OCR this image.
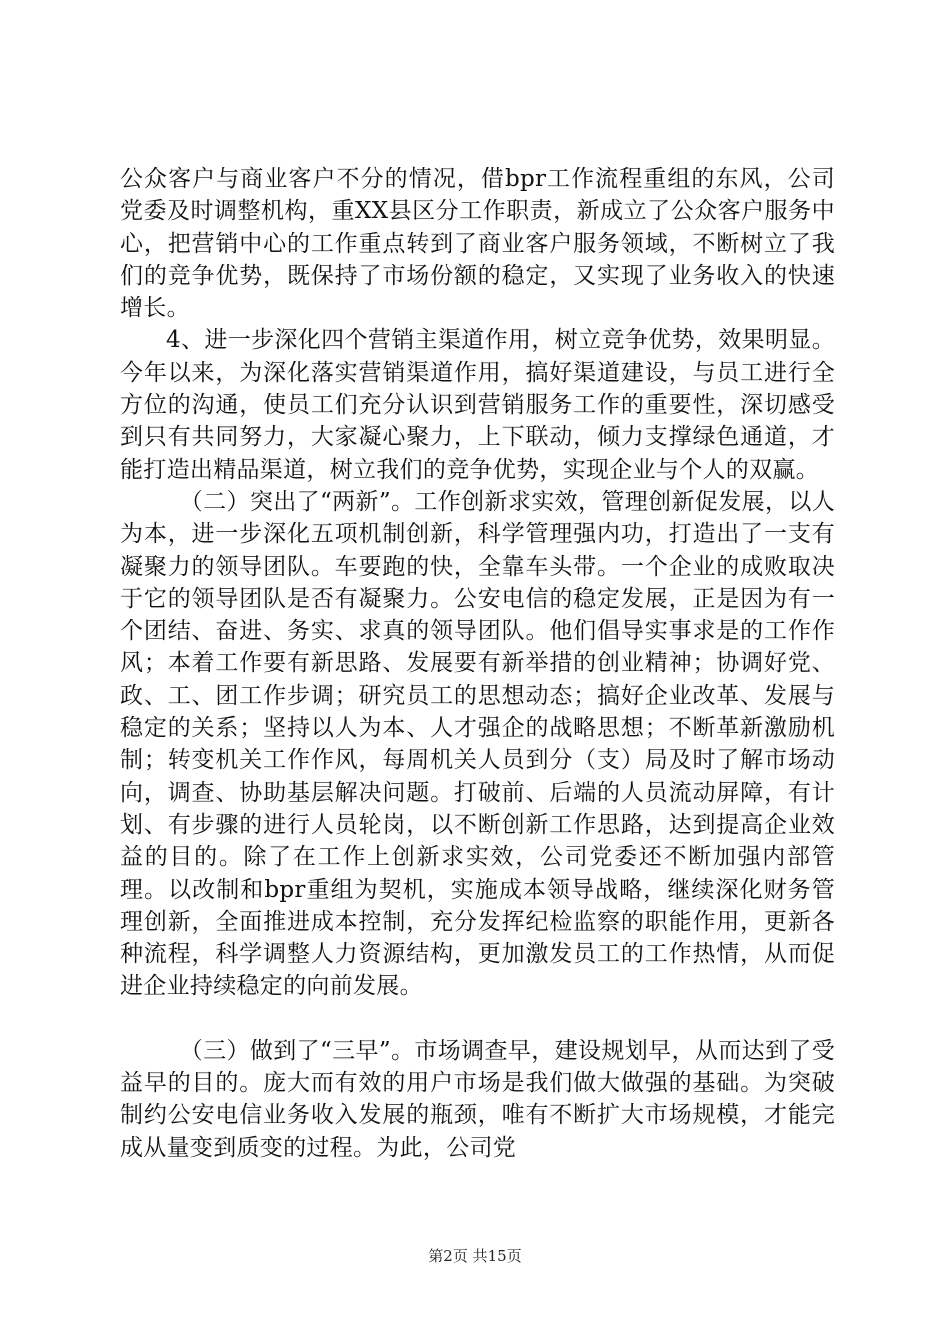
公众客户与商业客户不分的情况，借bpr工作流程重组的东风，公司党委及时调整机构，重XX县区分工作职责，新成立了公众客户服务中心，把营销中心的工作重点转到了商业客户服务领域，不断树立了我们的竞争优势，既保持了市场份额的稳定，又实现了业务收入的快速增长。

4、进一步深化四个营销主渠道作用，树立竞争优势，效果明显。今年以来，为深化落实营销渠道作用，搞好渠道建设，与员工进行全方位的沟通，使员工们充分认识到营销服务工作的重要性，深切感受到只有共同努力，大家凝心聚力，上下联动，倾力支撑绿色通道，才能打造出精品渠道，树立我们的竞争优势，实现企业与个人的双赢。

（二）突出了“两新”。工作创新求实效，管理创新促发展，以人为本，进一步深化五项机制创新，科学管理强内功，打造出了一支有凝聚力的领导团队。车要跑的快，全靠车头带。一个企业的成败取决于它的领导团队是否有凝聚力。公安电信的稳定发展，正是因为有一个团结、奋进、务实、求真的领导团队。他们倡导实事求是的工作作风；本着工作要有新思路、发展要有新举措的创业精神；协调好党、政、工、团工作步调；研究员工的思想动态；搞好企业改革、发展与稳定的关系；坚持以人为本、人才强企的战略思想；不断革新激励机制；转变机关工作作风，每周机关人员到分（支）局及时了解市场动向，调查、协助基层解决问题。打破前、后端的人员流动屏障，有计划、有步骤的进行人员轮岗，以不断创新工作思路，达到提高企业效益的目的。除了在工作上创新求实效，公司党委还不断加强内部管理。以改制和bpr重组为契机，实施成本领导战略，继续深化财务管理创新，全面推进成本控制，充分发挥纪检监察的职能作用，更新各种流程，科学调整人力资源结构，更加激发员工的工作热情，从而促进企业持续稳定的向前发展。

（三）做到了“三早”。市场调查早，建设规划早，从而达到了受益早的目的。庞大而有效的用户市场是我们做大做强的基础。为突破制约公安电信业务收入发展的瓶颈，唯有不断扩大市场规模，才能完成从量变到质变的过程。为此，公司党

第2页 共15页
